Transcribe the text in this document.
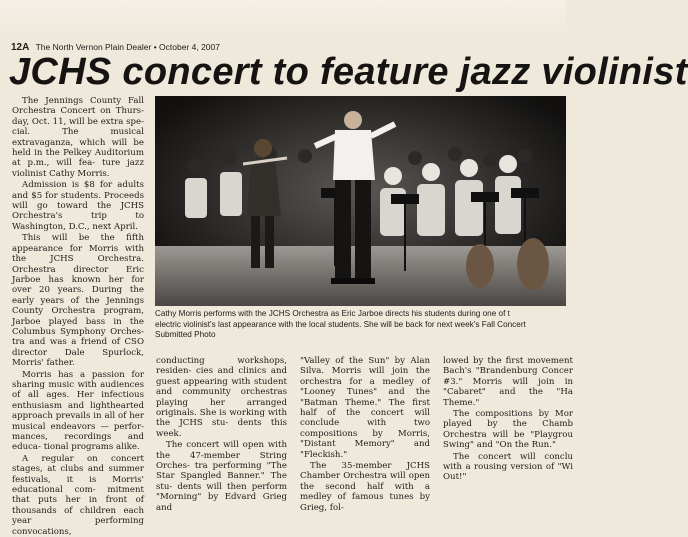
12A The North Vernon Plain Dealer • October 4, 2007
JCHS concert to feature jazz violinist

The Jennings County Fall Orchestra Concert on Thurs- day, Oct. 11, will be extra spe- cial. The musical extravaganza, which will be held in the Pelkey Auditorium at p.m., will fea- ture jazz violinist Cathy Morris.

Admission is $8 for adults and $5 for students. Proceeds will go toward the JCHS Orchestra's trip to Washington, D.C., next April.

This will be the fifth appearance for Morris with the JCHS Orchestra. Orchestra director Eric Jarboe has known her for over 20 years. During the early years of the Jennings County Orchestra program, Jarboe played bass in the Columbus Symphony Orches- tra and was a friend of CSO director Dale Spurlock, Morris' father.

Morris has a passion for sharing music with audiences of all ages. Her infectious enthusiasm and lighthearted approach prevails in all of her musical endeavors — perfor- mances, recordings and educa- tional programs alike.

A regular on concert stages, at clubs and summer festivals, it is Morris' educational com- mitment that puts her in front of thousands of children each year performing convocations,

Cathy Morris performs with the JCHS Orchestra as Eric Jarboe directs his students during one of t
electric violinist's last appearance with the local students. She will be back for next week's Fall Concert
Submitted Photo

conducting workshops, residen- cies and clinics and guest appearing with student and community orchestras playing her arranged originals. She is working with the JCHS stu- dents this week.

The concert will open with the 47-member String Orches- tra performing "The Star Spangled Banner." The stu- dents will then perform "Morning" by Edvard Grieg and

"Valley of the Sun" by Alan Silva. Morris will join the orchestra for a medley of "Looney Tunes" and the "Batman Theme." The first half of the concert will conclude with two compositions by Morris, "Distant Memory" and "Fleckish."

The 35-member JCHS Chamber Orchestra will open the second half with a medley of famous tunes by Grieg, fol-

lowed by the first movement Bach's "Brandenburg Concer #3." Morris will join in "Cabaret" and the "Ha Theme."

The compositions by Mor played by the Chamb Orchestra will be "Playgrou Swing" and "On the Run."

The concert will conclu with a rousing version of "Wi Out!"
